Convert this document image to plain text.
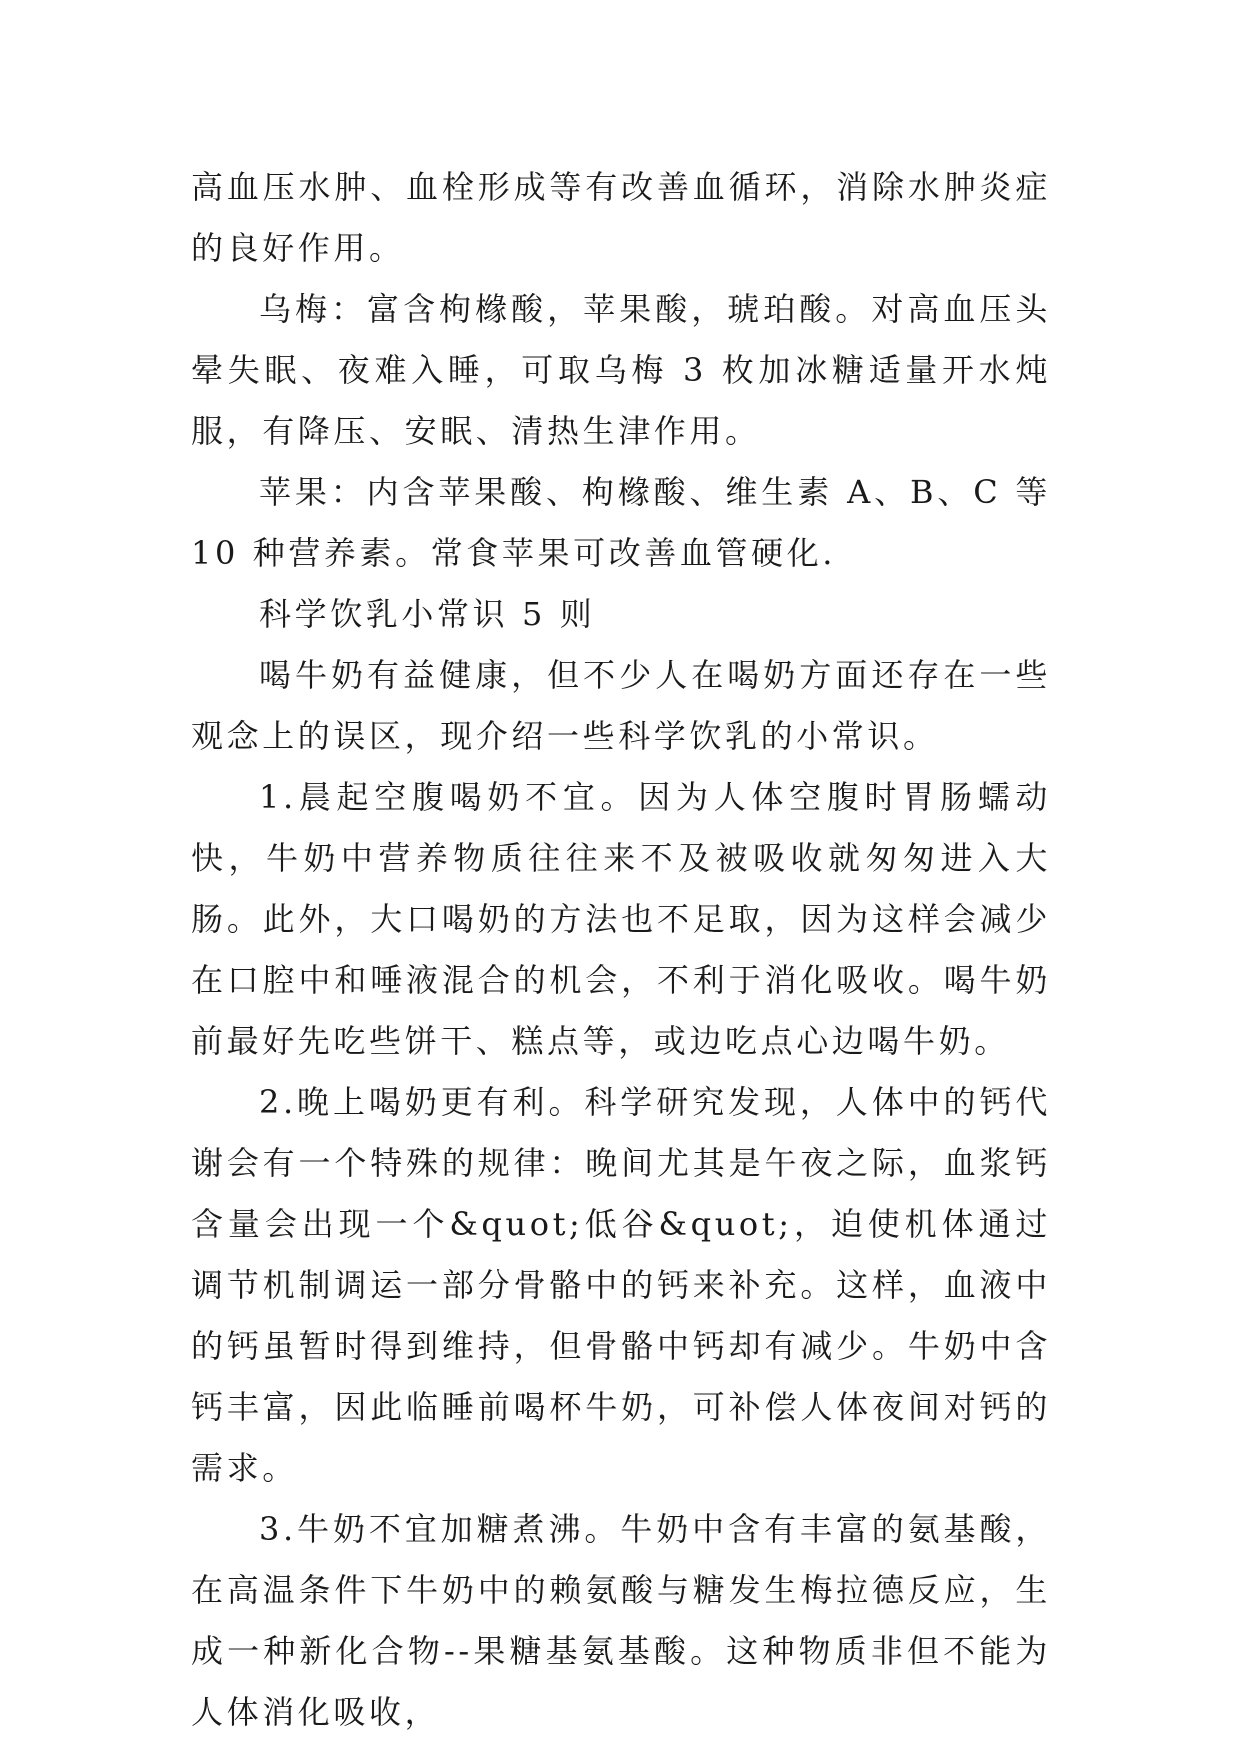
高血压水肿、血栓形成等有改善血循环，消除水肿炎症的良好作用。

乌梅：富含枸橼酸，苹果酸，琥珀酸。对高血压头晕失眠、夜难入睡，可取乌梅 3 枚加冰糖适量开水炖服，有降压、安眠、清热生津作用。

苹果：内含苹果酸、枸橼酸、维生素 A、B、C 等 10 种营养素。常食苹果可改善血管硬化.

科学饮乳小常识 5 则

喝牛奶有益健康，但不少人在喝奶方面还存在一些观念上的误区，现介绍一些科学饮乳的小常识。

1.晨起空腹喝奶不宜。因为人体空腹时胃肠蠕动快，牛奶中营养物质往往来不及被吸收就匆匆进入大肠。此外，大口喝奶的方法也不足取，因为这样会减少在口腔中和唾液混合的机会，不利于消化吸收。喝牛奶前最好先吃些饼干、糕点等，或边吃点心边喝牛奶。

2.晚上喝奶更有利。科学研究发现，人体中的钙代谢会有一个特殊的规律：晚间尤其是午夜之际，血浆钙含量会出现一个&quot;低谷&quot;，迫使机体通过调节机制调运一部分骨骼中的钙来补充。这样，血液中的钙虽暂时得到维持，但骨骼中钙却有减少。牛奶中含钙丰富，因此临睡前喝杯牛奶，可补偿人体夜间对钙的需求。

3.牛奶不宜加糖煮沸。牛奶中含有丰富的氨基酸，在高温条件下牛奶中的赖氨酸与糖发生梅拉德反应，生成一种新化合物--果糖基氨基酸。这种物质非但不能为人体消化吸收，
